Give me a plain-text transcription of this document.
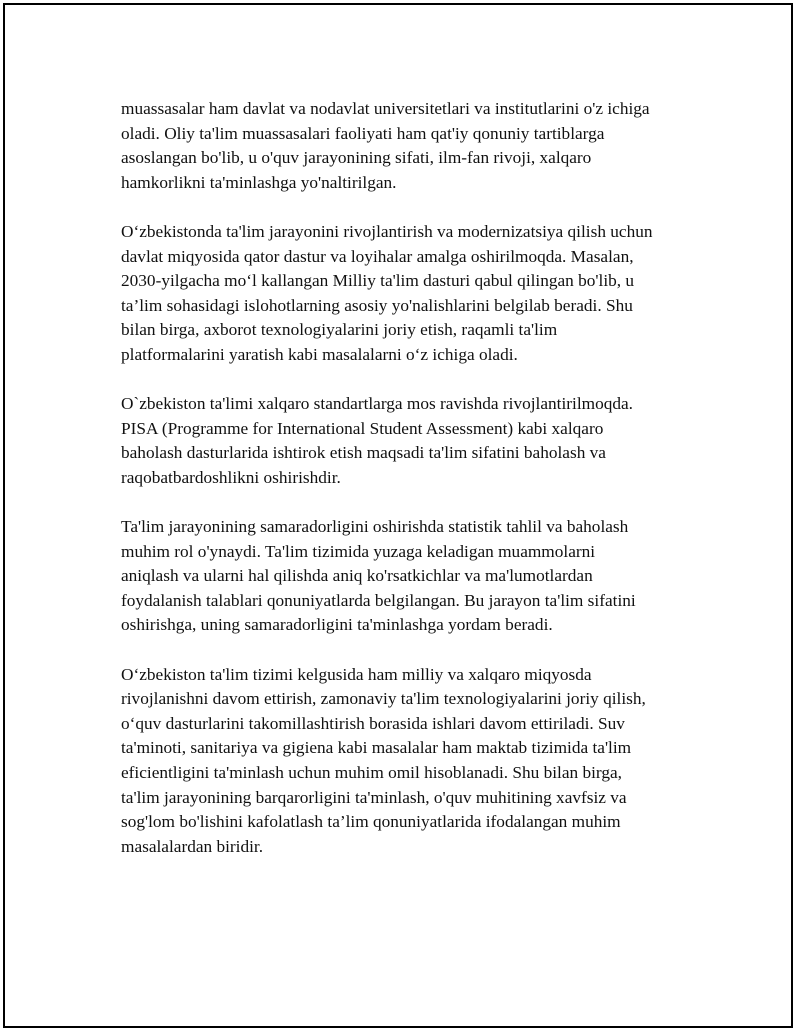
muassasalar ham davlat va nodavlat universitetlari va institutlarini o'z ichiga
oladi. Oliy ta'lim muassasalari faoliyati ham qat'iy qonuniy tartiblarga
asoslangan bo'lib, u o'quv jarayonining sifati, ilm-fan rivoji, xalqaro
hamkorlikni ta'minlashga yo'naltirilgan.

O‘zbekistonda ta'lim jarayonini rivojlantirish va modernizatsiya qilish uchun
davlat miqyosida qator dastur va loyihalar amalga oshirilmoqda. Masalan,
2030-yilgacha mo‘l kallangan Milliy ta'lim dasturi qabul qilingan bo'lib, u
ta’lim sohasidagi islohotlarning asosiy yo'nalishlarini belgilab beradi. Shu
bilan birga, axborot texnologiyalarini joriy etish, raqamli ta'lim
platformalarini yaratish kabi masalalarni o‘z ichiga oladi.

O`zbekiston ta'limi xalqaro standartlarga mos ravishda rivojlantirilmoqda.
PISA (Programme for International Student Assessment) kabi xalqaro
baholash dasturlarida ishtirok etish maqsadi ta'lim sifatini baholash va
raqobatbardoshlikni oshirishdir.

Ta'lim jarayonining samaradorligini oshirishda statistik tahlil va baholash
muhim rol o'ynaydi. Ta'lim tizimida yuzaga keladigan muammolarni
aniqlash va ularni hal qilishda aniq ko'rsatkichlar va ma'lumotlardan
foydalanish talablari qonuniyatlarda belgilangan. Bu jarayon ta'lim sifatini
oshirishga, uning samaradorligini ta'minlashga yordam beradi.

O‘zbekiston ta'lim tizimi kelgusida ham milliy va xalqaro miqyosda
rivojlanishni davom ettirish, zamonaviy ta'lim texnologiyalarini joriy qilish,
o‘quv dasturlarini takomillashtirish borasida ishlari davom ettiriladi. Suv
ta'minoti, sanitariya va gigiena kabi masalalar ham maktab tizimida ta'lim
eficientligini ta'minlash uchun muhim omil hisoblanadi. Shu bilan birga,
ta'lim jarayonining barqarorligini ta'minlash, o'quv muhitining xavfsiz va
sog'lom bo'lishini kafolatlash ta’lim qonuniyatlarida ifodalangan muhim
masalalardan biridir.
